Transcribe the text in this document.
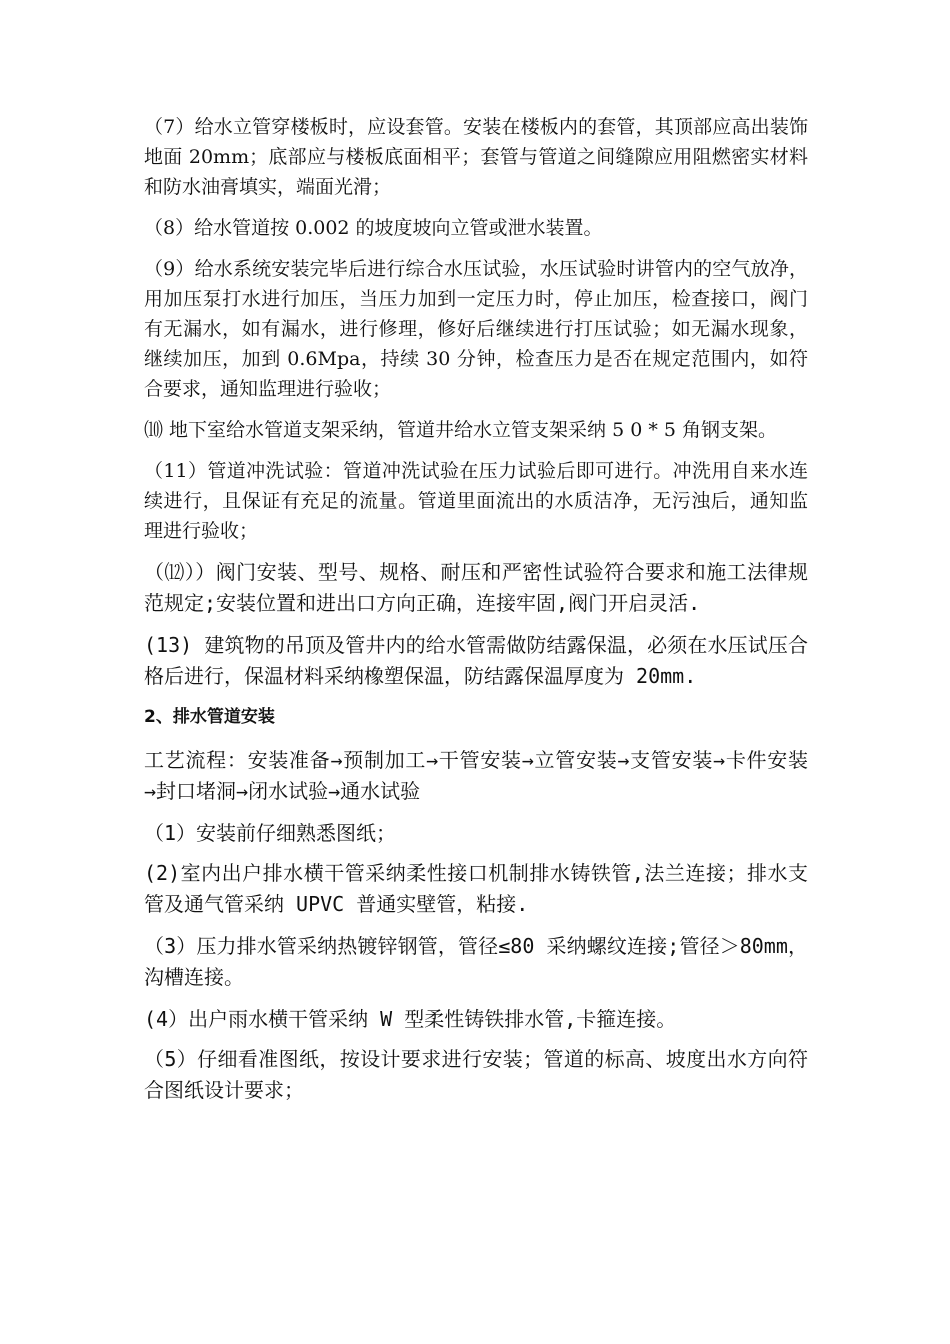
（7）给水立管穿楼板时，应设套管。安装在楼板内的套管，其顶部应高出装饰地面 20mm；底部应与楼板底面相平；套管与管道之间缝隙应用阻燃密实材料和防水油膏填实，端面光滑；

（8）给水管道按 0.002 的坡度坡向立管或泄水装置。

（9）给水系统安装完毕后进行综合水压试验，水压试验时讲管内的空气放净，用加压泵打水进行加压，当压力加到一定压力时，停止加压，检查接口，阀门有无漏水，如有漏水，进行修理，修好后继续进行打压试验；如无漏水现象，继续加压，加到 0.6Mpa，持续 30 分钟，检查压力是否在规定范围内，如符合要求，通知监理进行验收；

⑽ 地下室给水管道支架采纳，管道井给水立管支架采纳 5 0 * 5 角钢支架。

（11）管道冲洗试验：管道冲洗试验在压力试验后即可进行。冲洗用自来水连续进行，且保证有充足的流量。管道里面流出的水质洁净，无污浊后，通知监理进行验收；

（⑿））阀门安装、型号、规格、耐压和严密性试验符合要求和施工法律规范规定;安装位置和进出口方向正确，连接牢固,阀门开启灵活.

(13) 建筑物的吊顶及管井内的给水管需做防结露保温，必须在水压试压合格后进行，保温材料采纳橡塑保温，防结露保温厚度为 20mm.

2、排水管道安装

工艺流程：安装准备→预制加工→干管安装→立管安装→支管安装→卡件安装 →封口堵洞→闭水试验→通水试验

（1）安装前仔细熟悉图纸；

(2)室内出户排水横干管采纳柔性接口机制排水铸铁管,法兰连接；排水支管及通气管采纳 UPVC 普通实壁管，粘接.

（3）压力排水管采纳热镀锌钢管，管径≤80 采纳螺纹连接;管径＞80mm，沟槽连接。

(4）出户雨水横干管采纳 W 型柔性铸铁排水管,卡箍连接。

（5）仔细看准图纸，按设计要求进行安装；管道的标高、坡度出水方向符合图纸设计要求；
